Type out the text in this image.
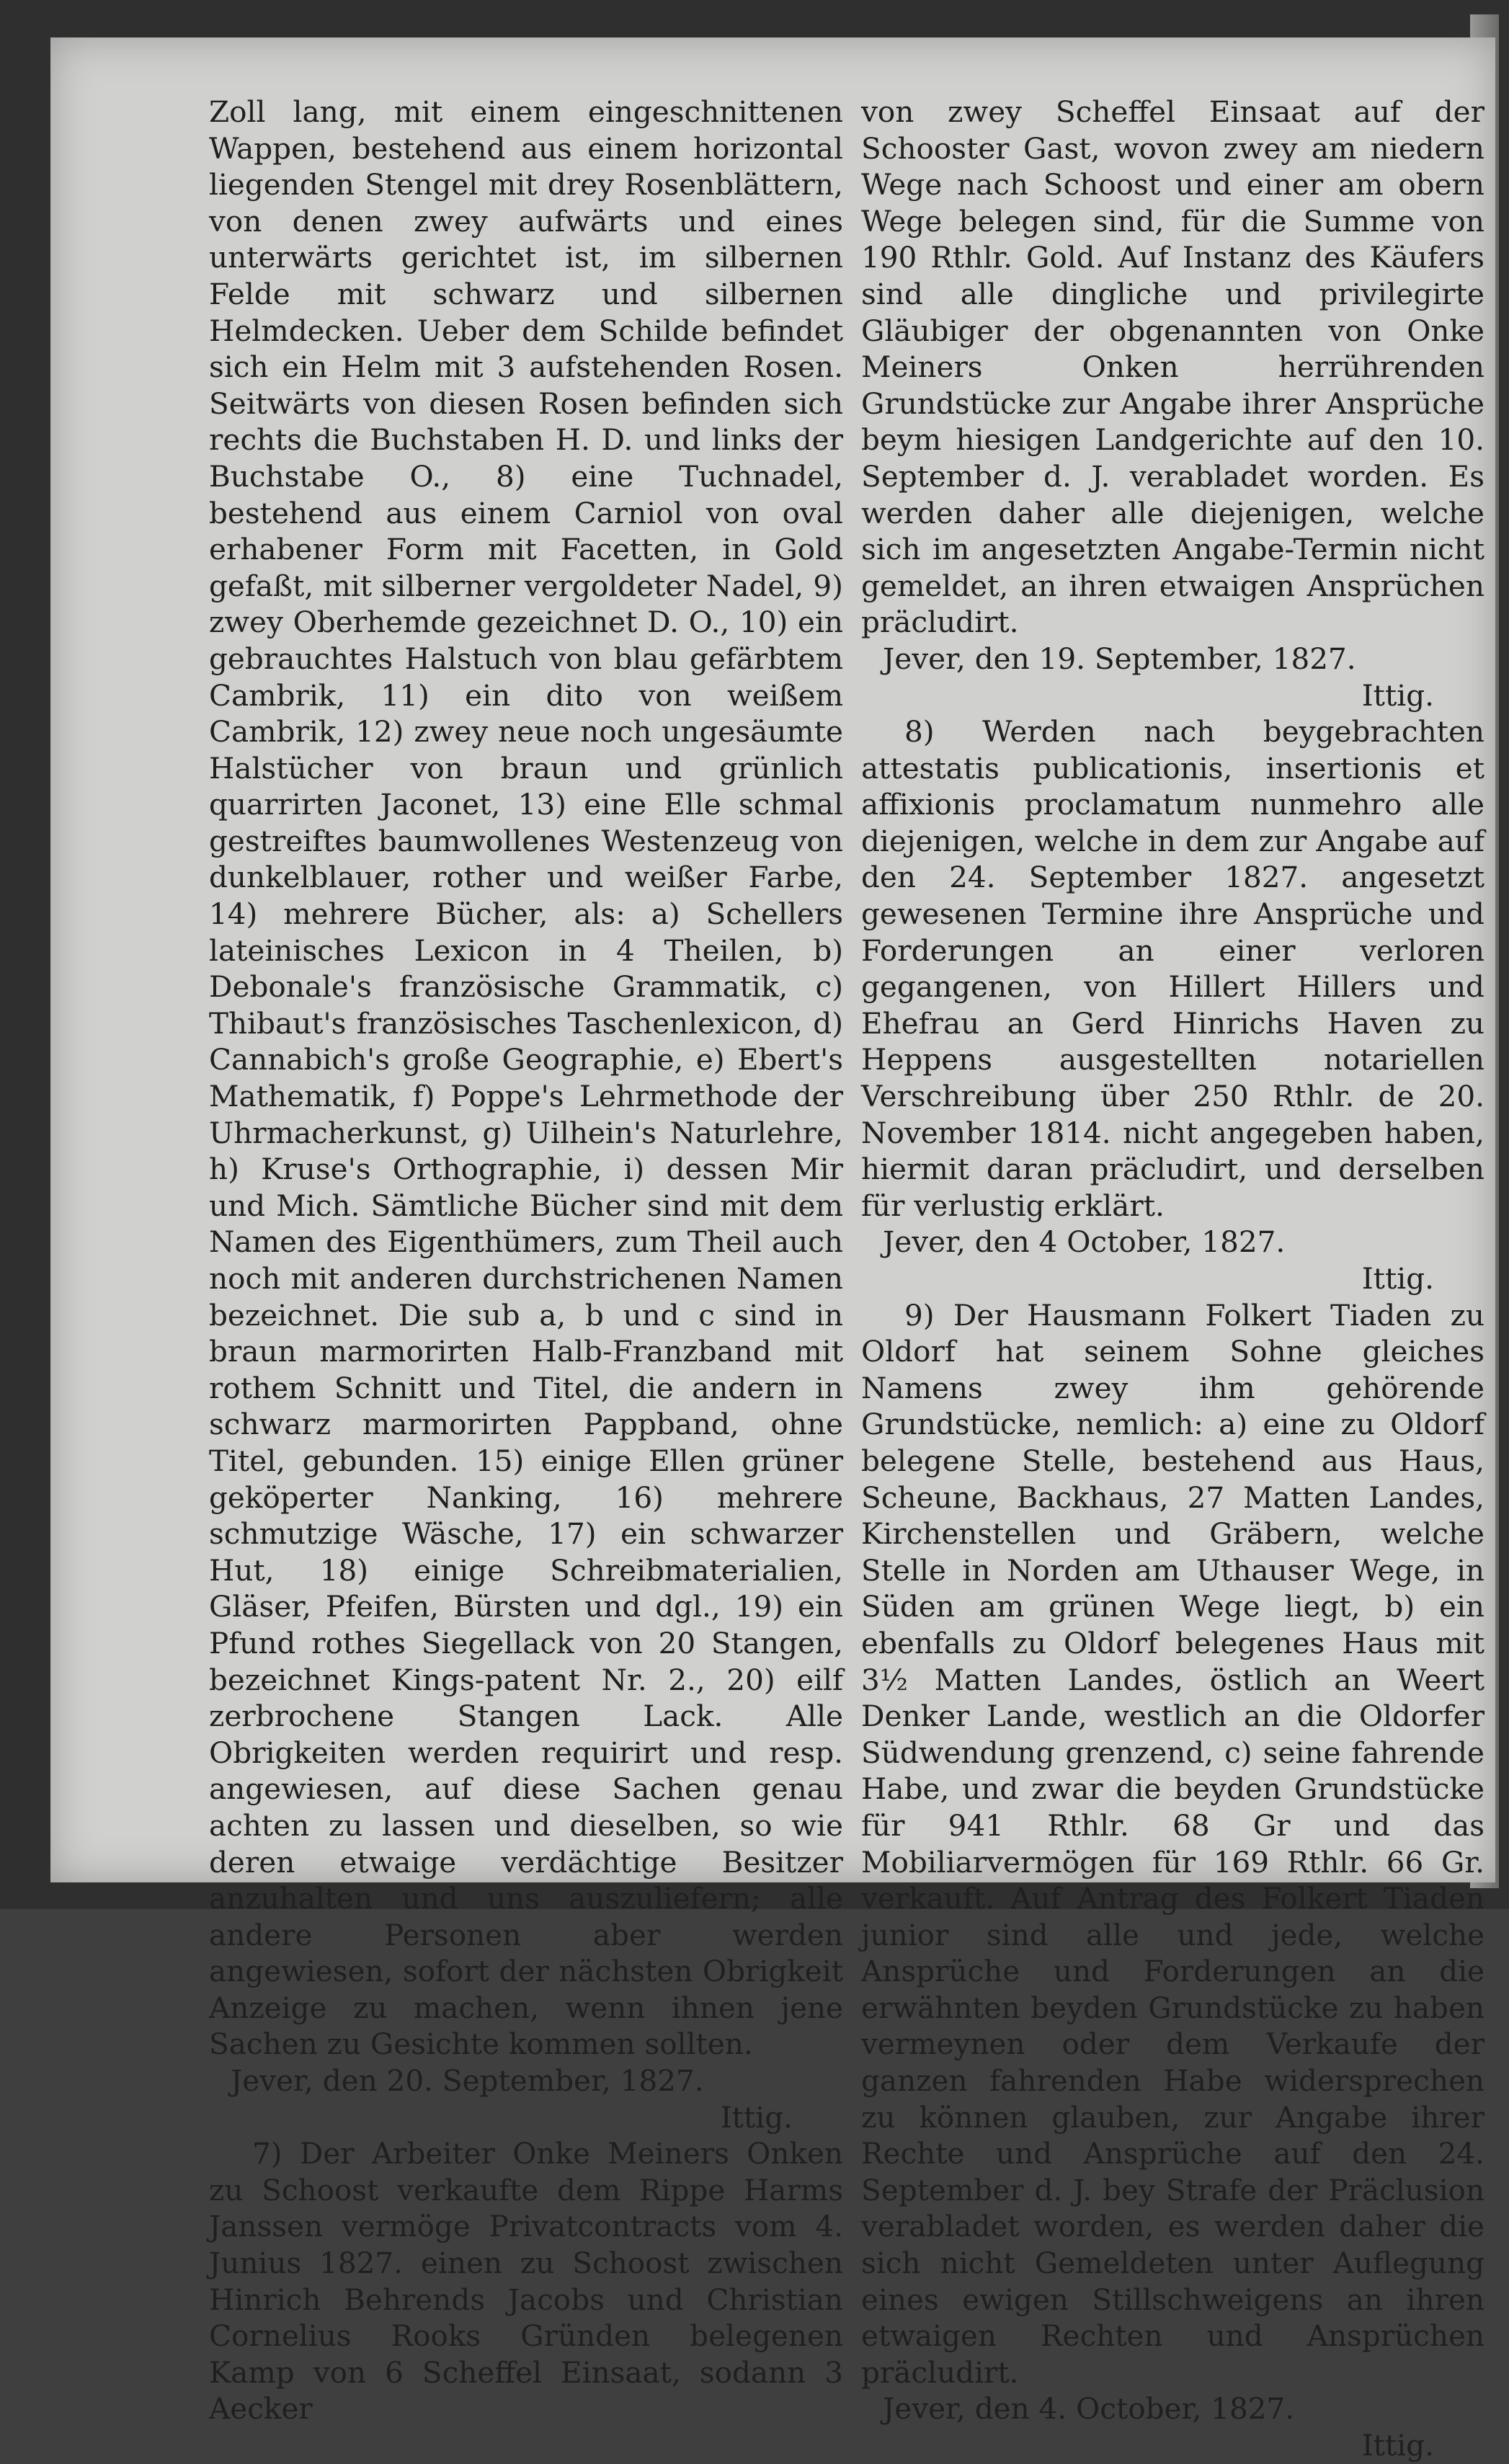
Zoll lang, mit einem eingeschnittenen Wappen, bestehend aus einem horizontal liegenden Stengel mit drey Rosenblättern, von denen zwey aufwärts und eines unterwärts gerichtet ist, im silbernen Felde mit schwarz und silbernen Helmdecken. Ueber dem Schilde befindet sich ein Helm mit 3 aufstehenden Rosen. Seitwärts von diesen Rosen befinden sich rechts die Buchstaben H. D. und links der Buchstabe O., 8) eine Tuchnadel, bestehend aus einem Carniol von oval erhabener Form mit Facetten, in Gold gefaßt, mit silberner vergoldeter Nadel, 9) zwey Oberhemde gezeichnet D. O., 10) ein gebrauchtes Halstuch von blau gefärbtem Cambrik, 11) ein dito von weißem Cambrik, 12) zwey neue noch ungesäumte Halstücher von braun und grünlich quarrirten Jaconet, 13) eine Elle schmal gestreiftes baumwollenes Westenzeug von dunkelblauer, rother und weißer Farbe, 14) mehrere Bücher, als: a) Schellers lateinisches Lexicon in 4 Theilen, b) Debonale's französische Grammatik, c) Thibaut's französisches Taschenlexicon, d) Cannabich's große Geographie, e) Ebert's Mathematik, f) Poppe's Lehrmethode der Uhrmacherkunst, g) Uilhein's Naturlehre, h) Kruse's Orthographie, i) dessen Mir und Mich. Sämtliche Bücher sind mit dem Namen des Eigenthümers, zum Theil auch noch mit anderen durchstrichenen Namen bezeichnet. Die sub a, b und c sind in braun marmorirten Halb-Franzband mit rothem Schnitt und Titel, die andern in schwarz marmorirten Pappband, ohne Titel, gebunden. 15) einige Ellen grüner geköperter Nanking, 16) mehrere schmutzige Wäsche, 17) ein schwarzer Hut, 18) einige Schreibmaterialien, Gläser, Pfeifen, Bürsten und dgl., 19) ein Pfund rothes Siegellack von 20 Stangen, bezeichnet Kings-patent Nr. 2., 20) eilf zerbrochene Stangen Lack. Alle Obrigkeiten werden requirirt und resp. angewiesen, auf diese Sachen genau achten zu lassen und dieselben, so wie deren etwaige verdächtige Besitzer anzuhalten und uns auszuliefern; alle andere Personen aber werden angewiesen, sofort der nächsten Obrigkeit Anzeige zu machen, wenn ihnen jene Sachen zu Gesichte kommen sollten.

Jever, den 20. September, 1827.

Ittig.

7) Der Arbeiter Onke Meiners Onken zu Schoost verkaufte dem Rippe Harms Janssen vermöge Privatcontracts vom 4. Junius 1827. einen zu Schoost zwischen Hinrich Behrends Jacobs und Christian Cornelius Rooks Gründen belegenen Kamp von 6 Scheffel Einsaat, sodann 3 Aecker

von zwey Scheffel Einsaat auf der Schooster Gast, wovon zwey am niedern Wege nach Schoost und einer am obern Wege belegen sind, für die Summe von 190 Rthlr. Gold. Auf Instanz des Käufers sind alle dingliche und privilegirte Gläubiger der obgenannten von Onke Meiners Onken herrührenden Grundstücke zur Angabe ihrer Ansprüche beym hiesigen Landgerichte auf den 10. September d. J. verabladet worden. Es werden daher alle diejenigen, welche sich im angesetzten Angabe-Termin nicht gemeldet, an ihren etwaigen Ansprüchen präcludirt.

Jever, den 19. September, 1827.

Ittig.

8) Werden nach beygebrachten attestatis publicationis, insertionis et affixionis proclamatum nunmehro alle diejenigen, welche in dem zur Angabe auf den 24. September 1827. angesetzt gewesenen Termine ihre Ansprüche und Forderungen an einer verloren gegangenen, von Hillert Hillers und Ehefrau an Gerd Hinrichs Haven zu Heppens ausgestellten notariellen Verschreibung über 250 Rthlr. de 20. November 1814. nicht angegeben haben, hiermit daran präcludirt, und derselben für verlustig erklärt.

Jever, den 4 October, 1827.

Ittig.

9) Der Hausmann Folkert Tiaden zu Oldorf hat seinem Sohne gleiches Namens zwey ihm gehörende Grundstücke, nemlich: a) eine zu Oldorf belegene Stelle, bestehend aus Haus, Scheune, Backhaus, 27 Matten Landes, Kirchenstellen und Gräbern, welche Stelle in Norden am Uthauser Wege, in Süden am grünen Wege liegt, b) ein ebenfalls zu Oldorf belegenes Haus mit 3½ Matten Landes, östlich an Weert Denker Lande, westlich an die Oldorfer Südwendung grenzend, c) seine fahrende Habe, und zwar die beyden Grundstücke für 941 Rthlr. 68 Gr und das Mobiliarvermögen für 169 Rthlr. 66 Gr. verkauft. Auf Antrag des Folkert Tiaden junior sind alle und jede, welche Ansprüche und Forderungen an die erwähnten beyden Grundstücke zu haben vermeynen oder dem Verkaufe der ganzen fahrenden Habe widersprechen zu können glauben, zur Angabe ihrer Rechte und Ansprüche auf den 24. September d. J. bey Strafe der Präclusion verabladet worden, es werden daher die sich nicht Gemeldeten unter Auflegung eines ewigen Stillschweigens an ihren etwaigen Rechten und Ansprüchen präcludirt.

Jever, den 4. October, 1827.

Ittig.
